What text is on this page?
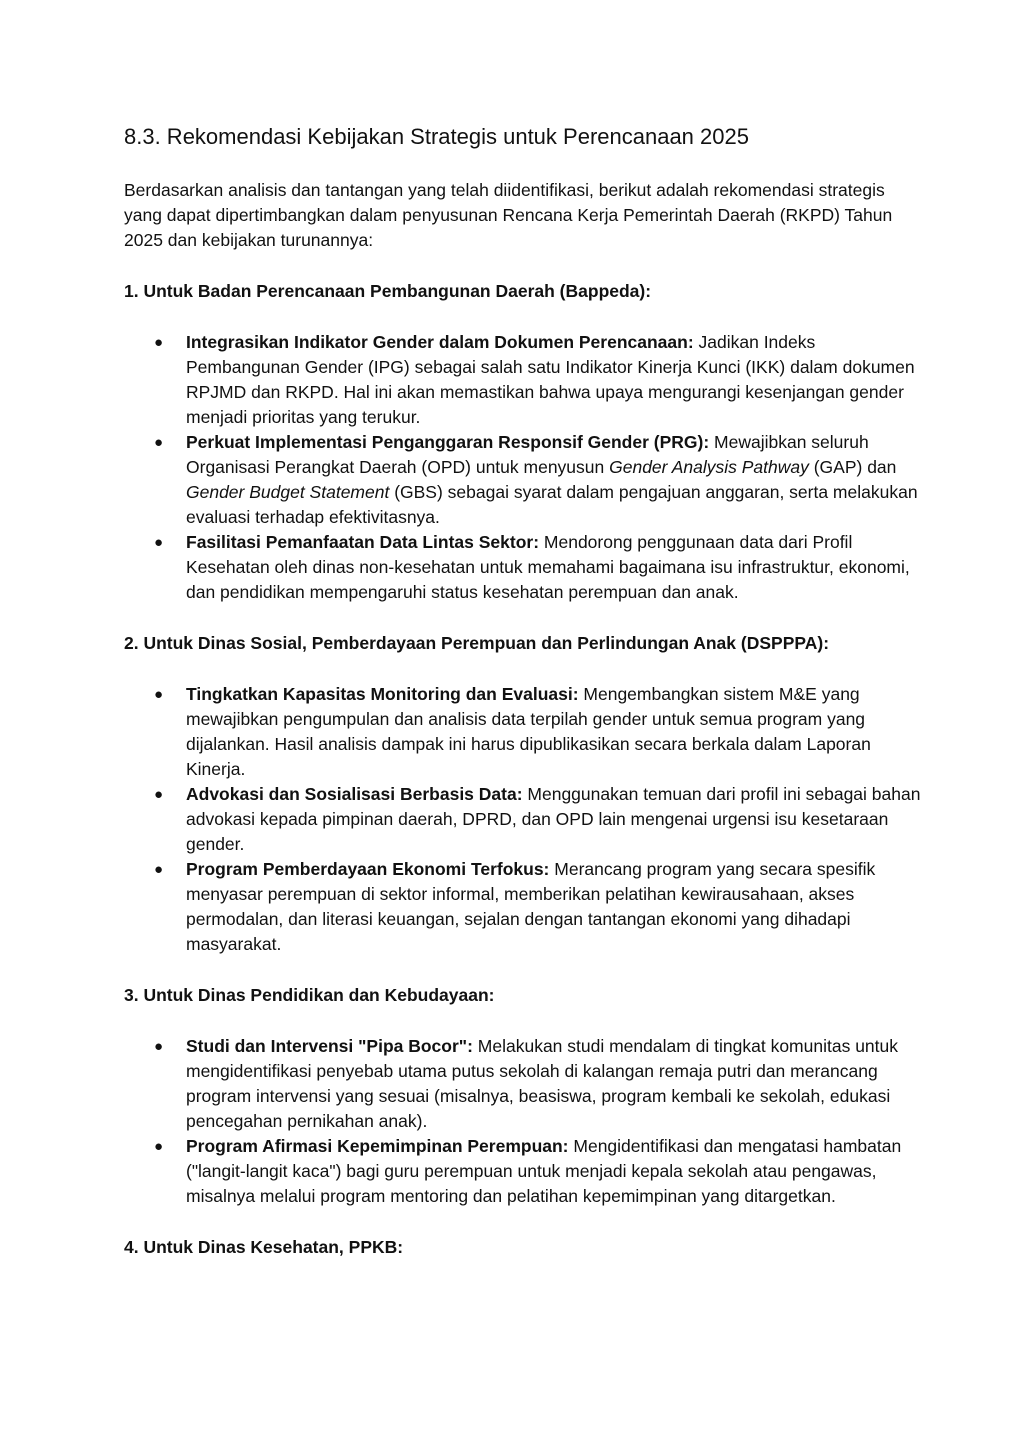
8.3. Rekomendasi Kebijakan Strategis untuk Perencanaan 2025

Berdasarkan analisis dan tantangan yang telah diidentifikasi, berikut adalah rekomendasi strategis yang dapat dipertimbangkan dalam penyusunan Rencana Kerja Pemerintah Daerah (RKPD) Tahun 2025 dan kebijakan turunannya:

1. Untuk Badan Perencanaan Pembangunan Daerah (Bappeda):
● Integrasikan Indikator Gender dalam Dokumen Perencanaan: Jadikan Indeks Pembangunan Gender (IPG) sebagai salah satu Indikator Kinerja Kunci (IKK) dalam dokumen RPJMD dan RKPD. Hal ini akan memastikan bahwa upaya mengurangi kesenjangan gender menjadi prioritas yang terukur.
● Perkuat Implementasi Penganggaran Responsif Gender (PRG): Mewajibkan seluruh Organisasi Perangkat Daerah (OPD) untuk menyusun Gender Analysis Pathway (GAP) dan Gender Budget Statement (GBS) sebagai syarat dalam pengajuan anggaran, serta melakukan evaluasi terhadap efektivitasnya.
● Fasilitasi Pemanfaatan Data Lintas Sektor: Mendorong penggunaan data dari Profil Kesehatan oleh dinas non-kesehatan untuk memahami bagaimana isu infrastruktur, ekonomi, dan pendidikan mempengaruhi status kesehatan perempuan dan anak.
2. Untuk Dinas Sosial, Pemberdayaan Perempuan dan Perlindungan Anak (DSPPPA):
● Tingkatkan Kapasitas Monitoring dan Evaluasi: Mengembangkan sistem M&E yang mewajibkan pengumpulan dan analisis data terpilah gender untuk semua program yang dijalankan. Hasil analisis dampak ini harus dipublikasikan secara berkala dalam Laporan Kinerja.
● Advokasi dan Sosialisasi Berbasis Data: Menggunakan temuan dari profil ini sebagai bahan advokasi kepada pimpinan daerah, DPRD, dan OPD lain mengenai urgensi isu kesetaraan gender.
● Program Pemberdayaan Ekonomi Terfokus: Merancang program yang secara spesifik menyasar perempuan di sektor informal, memberikan pelatihan kewirausahaan, akses permodalan, dan literasi keuangan, sejalan dengan tantangan ekonomi yang dihadapi masyarakat.
3. Untuk Dinas Pendidikan dan Kebudayaan:
● Studi dan Intervensi "Pipa Bocor": Melakukan studi mendalam di tingkat komunitas untuk mengidentifikasi penyebab utama putus sekolah di kalangan remaja putri dan merancang program intervensi yang sesuai (misalnya, beasiswa, program kembali ke sekolah, edukasi pencegahan pernikahan anak).
● Program Afirmasi Kepemimpinan Perempuan: Mengidentifikasi dan mengatasi hambatan ("langit-langit kaca") bagi guru perempuan untuk menjadi kepala sekolah atau pengawas, misalnya melalui program mentoring dan pelatihan kepemimpinan yang ditargetkan.
4. Untuk Dinas Kesehatan, PPKB:
